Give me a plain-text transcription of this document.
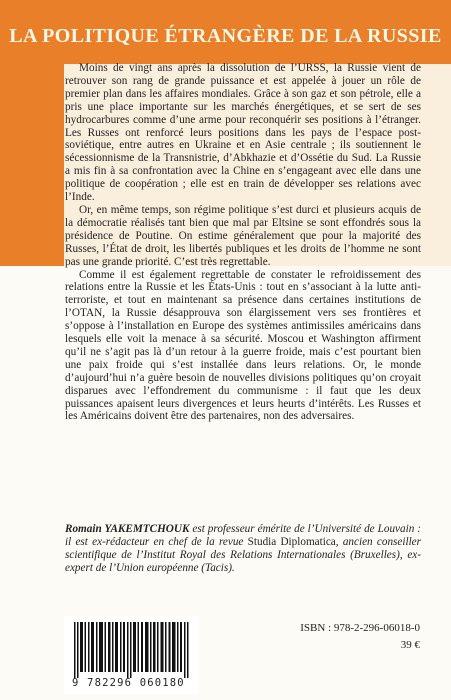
LA POLITIQUE ÉTRANGÈRE DE LA RUSSIE

Moins de vingt ans après la dissolution de l’URSS, la Russie vient de retrouver son rang de grande puissance et est appelée à jouer un rôle de premier plan dans les affaires mondiales. Grâce à son gaz et son pétrole, elle a pris une place importante sur les marchés énergétiques, et se sert de ses hydrocarbures comme d’une arme pour reconquérir ses positions à l’étranger. Les Russes ont renforcé leurs positions dans les pays de l’espace post-soviétique, entre autres en Ukraine et en Asie centrale ; ils soutiennent le sécessionnisme de la Transnistrie, d’Abkhazie et d’Ossétie du Sud. La Russie a mis fin à sa confrontation avec la Chine en s’engageant avec elle dans une politique de coopération ; elle est en train de développer ses relations avec l’Inde.

Or, en même temps, son régime politique s’est durci et plusieurs acquis de la démocratie réalisés tant bien que mal par Eltsine se sont effondrés sous la présidence de Poutine. On estime généralement que pour la majorité des Russes, l’État de droit, les libertés publiques et les droits de l’homme ne sont pas une grande priorité. C’est très regrettable.

Comme il est également regrettable de constater le refroidissement des relations entre la Russie et les États-Unis : tout en s’associant à la lutte anti-terroriste, et tout en maintenant sa présence dans certaines institutions de l’OTAN, la Russie désapprouva son élargissement vers ses frontières et s’oppose à l’installation en Europe des systèmes antimissiles américains dans lesquels elle voit la menace à sa sécurité. Moscou et Washington affirment qu’il ne s’agit pas là d’un retour à la guerre froide, mais c’est pourtant bien une paix froide qui s’est installée dans leurs relations. Or, le monde d’aujourd’hui n’a guère besoin de nouvelles divisions politiques qu’on croyait disparues avec l’effondrement du communisme : il faut que les deux puissances apaisent leurs divergences et leurs heurts d’intérêts. Les Russes et les Américains doivent être des partenaires, non des adversaires.

Romain YAKEMTCHOUK est professeur émérite de l’Université de Louvain : il est ex-rédacteur en chef de la revue Studia Diplomatica, ancien conseiller scientifique de l’Institut Royal des Relations Internationales (Bruxelles), ex-expert de l’Union européenne (Tacis).
9 782296 060180
ISBN : 978-2-296-06018-0
39 €
